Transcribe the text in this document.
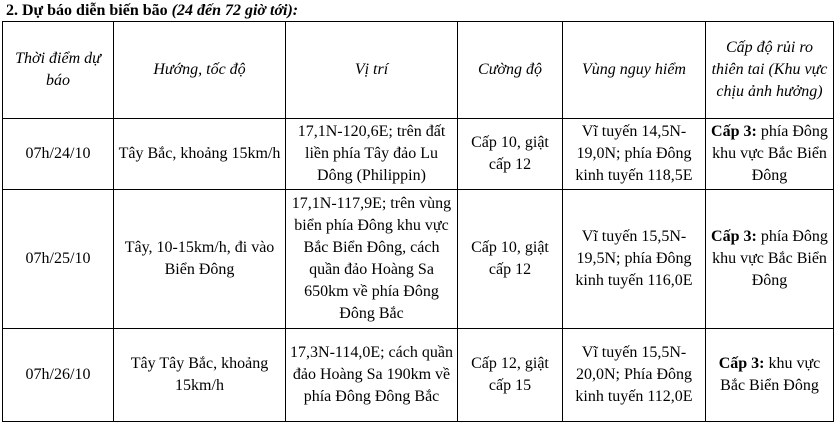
2. Dự báo diễn biến bão (24 đến 72 giờ tới):
Thời điểm dự báo	Hướng, tốc độ	Vị trí	Cường độ	Vùng nguy hiểm	Cấp độ rủi ro thiên tai (Khu vực chịu ảnh hưởng)
07h/24/10	Tây Bắc, khoảng 15km/h	17,1N-120,6E; trên đất liền phía Tây đảo Lu Dông (Philippin)	Cấp 10, giật cấp 12	Vĩ tuyến 14,5N-19,0N; phía Đông kinh tuyến 118,5E	Cấp 3: phía Đông khu vực Bắc Biển Đông
07h/25/10	Tây, 10-15km/h, đi vào Biển Đông	17,1N-117,9E; trên vùng biển phía Đông khu vực Bắc Biển Đông, cách quần đảo Hoàng Sa 650km về phía Đông Đông Bắc	Cấp 10, giật cấp 12	Vĩ tuyến 15,5N-19,5N; phía Đông kinh tuyến 116,0E	Cấp 3: phía Đông khu vực Bắc Biển Đông
07h/26/10	Tây Tây Bắc, khoảng 15km/h	17,3N-114,0E; cách quần đảo Hoàng Sa 190km về phía Đông Đông Bắc	Cấp 12, giật cấp 15	Vĩ tuyến 15,5N-20,0N; Phía Đông kinh tuyến 112,0E	Cấp 3: khu vực Bắc Biển Đông
